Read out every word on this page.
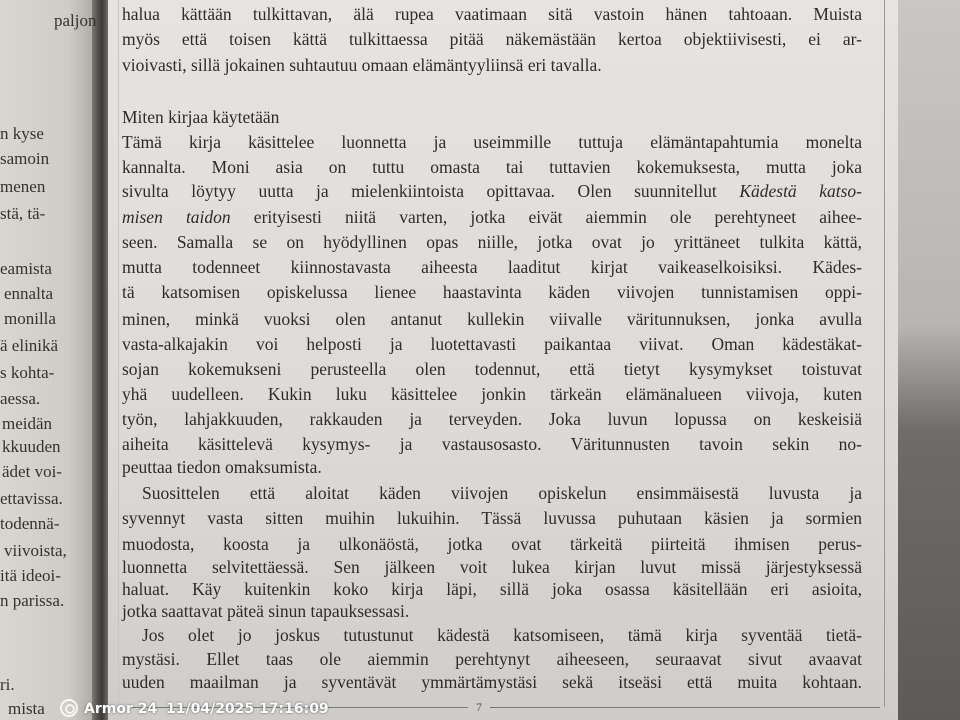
halua kättään tulkittavan, älä rupea vaatimaan sitä vastoin hänen tahtoaan. Muista
myös että toisen kättä tulkittaessa pitää näkemästään kertoa objektiivisesti, ei ar-
vioivasti, sillä jokainen suhtautuu omaan elämäntyyliinsä eri tavalla.
Miten kirjaa käytetään
Tämä kirja käsittelee luonnetta ja useimmille tuttuja elämäntapahtumia monelta
kannalta. Moni asia on tuttu omasta tai tuttavien kokemuksesta, mutta joka
sivulta löytyy uutta ja mielenkiintoista opittavaa. Olen suunnitellut Kädestä katso-
misen taidon erityisesti niitä varten, jotka eivät aiemmin ole perehtyneet aihee-
seen. Samalla se on hyödyllinen opas niille, jotka ovat jo yrittäneet tulkita kättä,
mutta todenneet kiinnostavasta aiheesta laaditut kirjat vaikeaselkoisiksi. Kädes-
tä katsomisen opiskelussa lienee haastavinta käden viivojen tunnistamisen oppi-
minen, minkä vuoksi olen antanut kullekin viivalle väritunnuksen, jonka avulla
vasta-alkajakin voi helposti ja luotettavasti paikantaa viivat. Oman kädestäkat-
sojan kokemukseni perusteella olen todennut, että tietyt kysymykset toistuvat
yhä uudelleen. Kukin luku käsittelee jonkin tärkeän elämänalueen viivoja, kuten
työn, lahjakkuuden, rakkauden ja terveyden. Joka luvun lopussa on keskeisiä
aiheita käsittelevä kysymys- ja vastausosasto. Väritunnusten tavoin sekin no-
peuttaa tiedon omaksumista.
Suosittelen että aloitat käden viivojen opiskelun ensimmäisestä luvusta ja
syvennyt vasta sitten muihin lukuihin. Tässä luvussa puhutaan käsien ja sormien
muodosta, koosta ja ulkonäöstä, jotka ovat tärkeitä piirteitä ihmisen perus-
luonnetta selvitettäessä. Sen jälkeen voit lukea kirjan luvut missä järjestyksessä
haluat. Käy kuitenkin koko kirja läpi, sillä joka osassa käsitellään eri asioita,
jotka saattavat päteä sinun tapauksessasi.
Jos olet jo joskus tutustunut kädestä katsomiseen, tämä kirja syventää tietä-
mystäsi. Ellet taas ole aiemmin perehtynyt aiheeseen, seuraavat sivut avaavat
uuden maailman ja syventävät ymmärtämystäsi sekä itseäsi että muita kohtaan.
paljon
n kyse
samoin
menen
stä, tä-
eamista
ennalta
monilla
ä elinikä
s kohta-
aessa.
meidän
kkuuden
ädet voi-
ettavissa.
todennä-
viivoista,
itä ideoi-
n parissa.
ri.
mista	7
Armor 24 11/04/2025 17:16:09
